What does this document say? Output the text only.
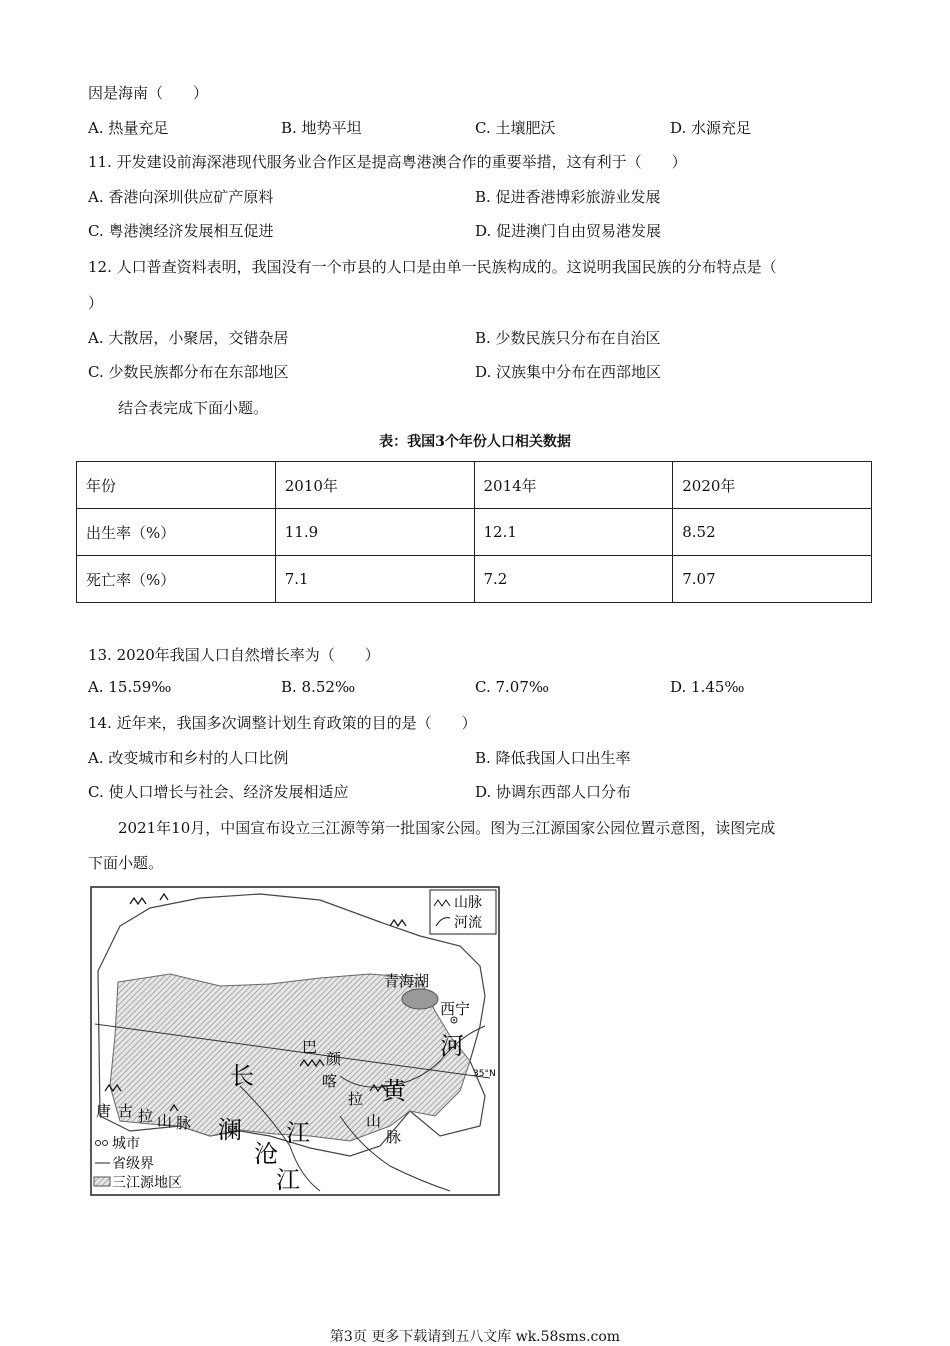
因是海南（　　）
A. 热量充足	B. 地势平坦	C. 土壤肥沃	D. 水源充足
11. 开发建设前海深港现代服务业合作区是提高粤港澳合作的重要举措，这有利于（　　）
A. 香港向深圳供应矿产原料	B. 促进香港博彩旅游业发展
C. 粤港澳经济发展相互促进	D. 促进澳门自由贸易港发展
12. 人口普查资料表明，我国没有一个市县的人口是由单一民族构成的。这说明我国民族的分布特点是（
）
A. 大散居，小聚居，交错杂居	B. 少数民族只分布在自治区
C. 少数民族都分布在东部地区	D. 汉族集中分布在西部地区
结合表完成下面小题。
表：我国3个年份人口相关数据
年份	2010年	2014年	2020年
出生率（%）	11.9	12.1	8.52
死亡率（%）	7.1	7.2	7.07
13. 2020年我国人口自然增长率为（　　）
A. 15.59‰	B. 8.52‰	C. 7.07‰	D. 1.45‰
14. 近年来，我国多次调整计划生育政策的目的是（　　）
A. 改变城市和乡村的人口比例	B. 降低我国人口出生率
C. 使人口增长与社会、经济发展相适应	D. 协调东西部人口分布
2021年10月，中国宣布设立三江源等第一批国家公园。图为三江源国家公园位置示意图，读图完成
下面小题。
山脉
河流
青海湖
西宁
35°N
河
黄
长
江
澜
沧
江
巴
颜
喀
拉
山
脉
唐 古 拉 山 脉
城市
省级界
三江源地区
第3页 更多下载请到五八文库 wk.58sms.com
